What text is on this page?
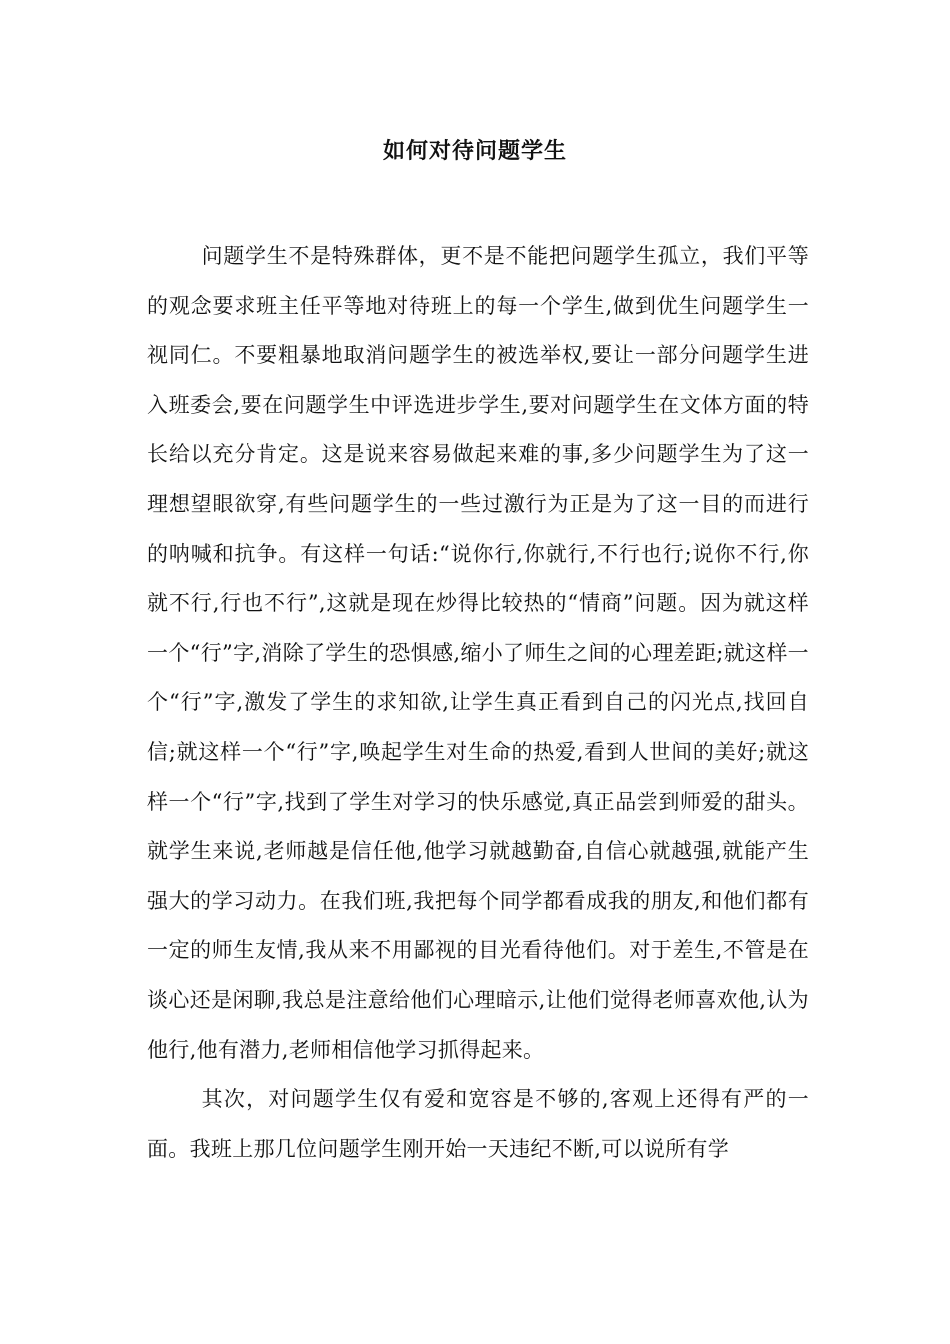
如何对待问题学生

问题学生不是特殊群体，更不是不能把问题学生孤立，我们平等的观念要求班主任平等地对待班上的每一个学生,做到优生问题学生一视同仁。不要粗暴地取消问题学生的被选举权,要让一部分问题学生进入班委会,要在问题学生中评选进步学生,要对问题学生在文体方面的特长给以充分肯定。这是说来容易做起来难的事,多少问题学生为了这一理想望眼欲穿,有些问题学生的一些过激行为正是为了这一目的而进行的呐喊和抗争。有这样一句话:“说你行,你就行,不行也行;说你不行,你就不行,行也不行”,这就是现在炒得比较热的“情商”问题。因为就这样一个“行”字,消除了学生的恐惧感,缩小了师生之间的心理差距;就这样一个“行”字,激发了学生的求知欲,让学生真正看到自己的闪光点,找回自信;就这样一个“行”字,唤起学生对生命的热爱,看到人世间的美好;就这样一个“行”字,找到了学生对学习的快乐感觉,真正品尝到师爱的甜头。就学生来说,老师越是信任他,他学习就越勤奋,自信心就越强,就能产生强大的学习动力。在我们班,我把每个同学都看成我的朋友,和他们都有一定的师生友情,我从来不用鄙视的目光看待他们。对于差生,不管是在谈心还是闲聊,我总是注意给他们心理暗示,让他们觉得老师喜欢他,认为他行,他有潜力,老师相信他学习抓得起来。

其次，对问题学生仅有爱和宽容是不够的,客观上还得有严的一面。我班上那几位问题学生刚开始一天违纪不断,可以说所有学
